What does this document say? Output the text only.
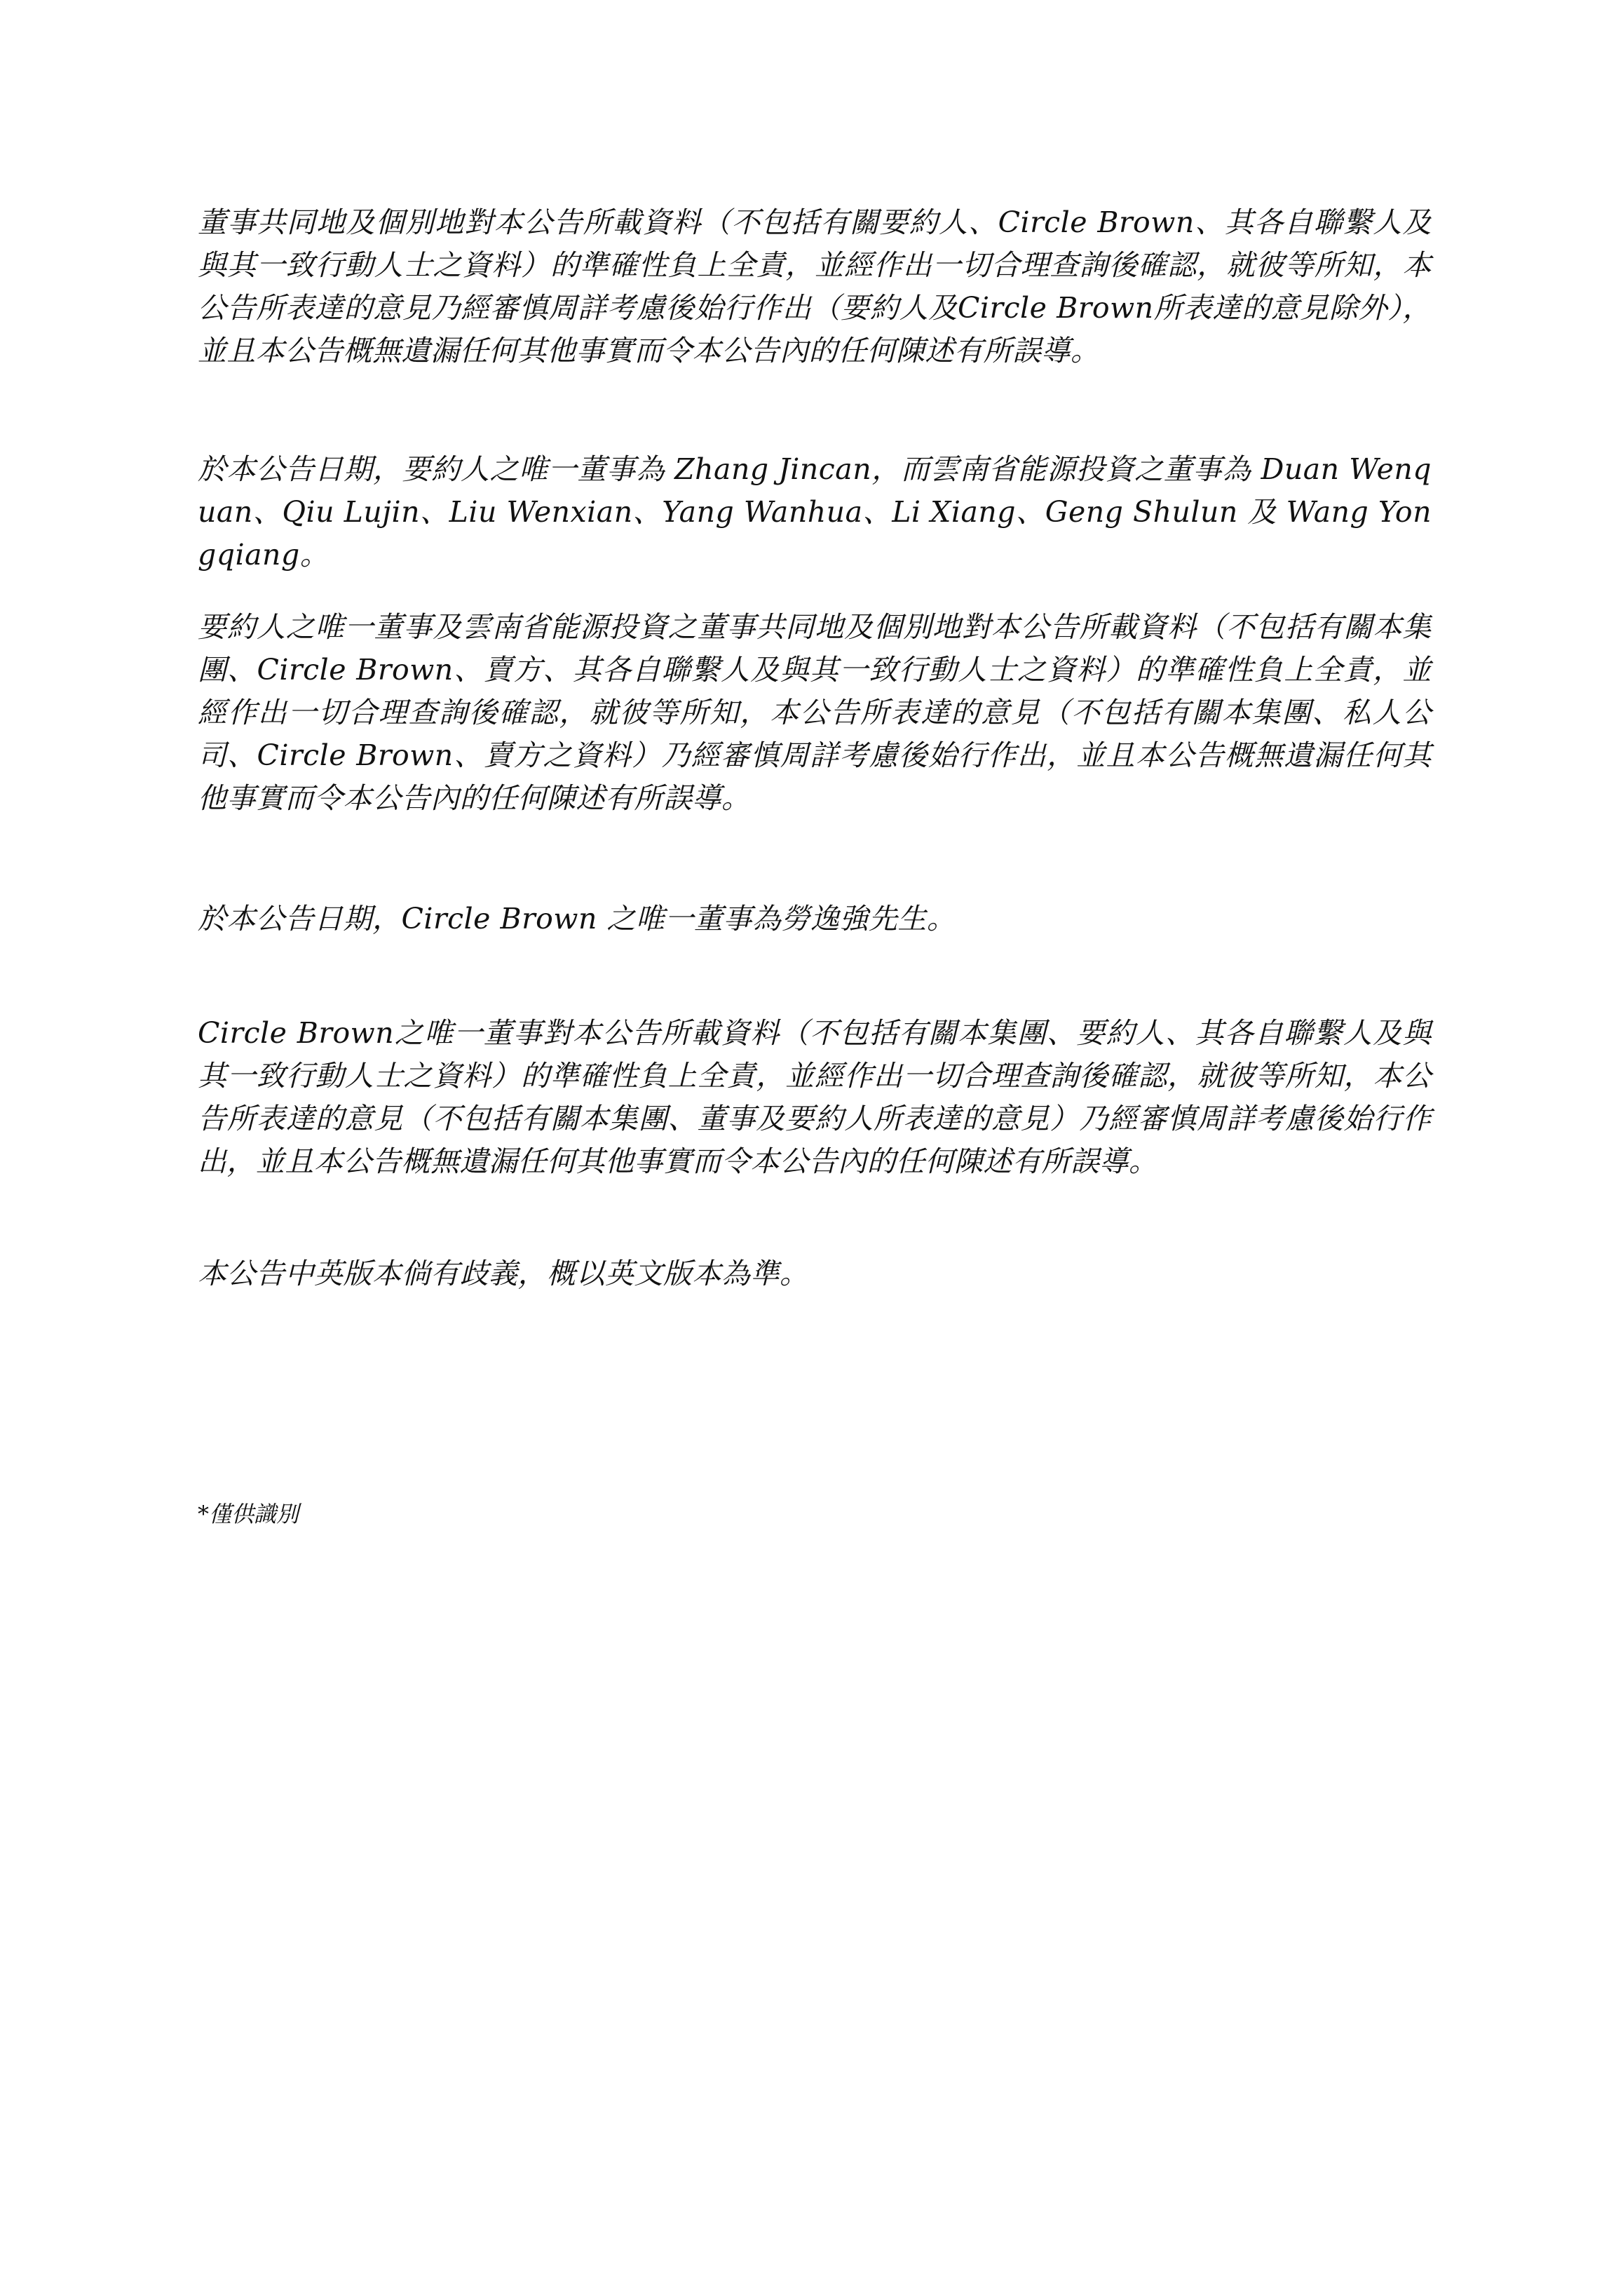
董事共同地及個別地對本公告所載資料（不包括有關要約人、Circle Brown、其各自聯繫人及與其一致行動人士之資料）的準確性負上全責，並經作出一切合理查詢後確認，就彼等所知，本公告所表達的意見乃經審慎周詳考慮後始行作出（要約人及Circle Brown所表達的意見除外），並且本公告概無遺漏任何其他事實而令本公告內的任何陳述有所誤導。

於本公告日期，要約人之唯一董事為 Zhang Jincan，而雲南省能源投資之董事為 Duan Wenquan、Qiu Lujin、Liu Wenxian、Yang Wanhua、Li Xiang、Geng Shulun 及 Wang Yongqiang。

要約人之唯一董事及雲南省能源投資之董事共同地及個別地對本公告所載資料（不包括有關本集團、Circle Brown、賣方、其各自聯繫人及與其一致行動人士之資料）的準確性負上全責，並經作出一切合理查詢後確認，就彼等所知，本公告所表達的意見（不包括有關本集團、私人公司、Circle Brown、賣方之資料）乃經審慎周詳考慮後始行作出，並且本公告概無遺漏任何其他事實而令本公告內的任何陳述有所誤導。

於本公告日期，Circle Brown 之唯一董事為勞逸強先生。

Circle Brown之唯一董事對本公告所載資料（不包括有關本集團、要約人、其各自聯繫人及與其一致行動人士之資料）的準確性負上全責，並經作出一切合理查詢後確認，就彼等所知，本公告所表達的意見（不包括有關本集團、董事及要約人所表達的意見）乃經審慎周詳考慮後始行作出，並且本公告概無遺漏任何其他事實而令本公告內的任何陳述有所誤導。

本公告中英版本倘有歧義，概以英文版本為準。

*僅供識別
